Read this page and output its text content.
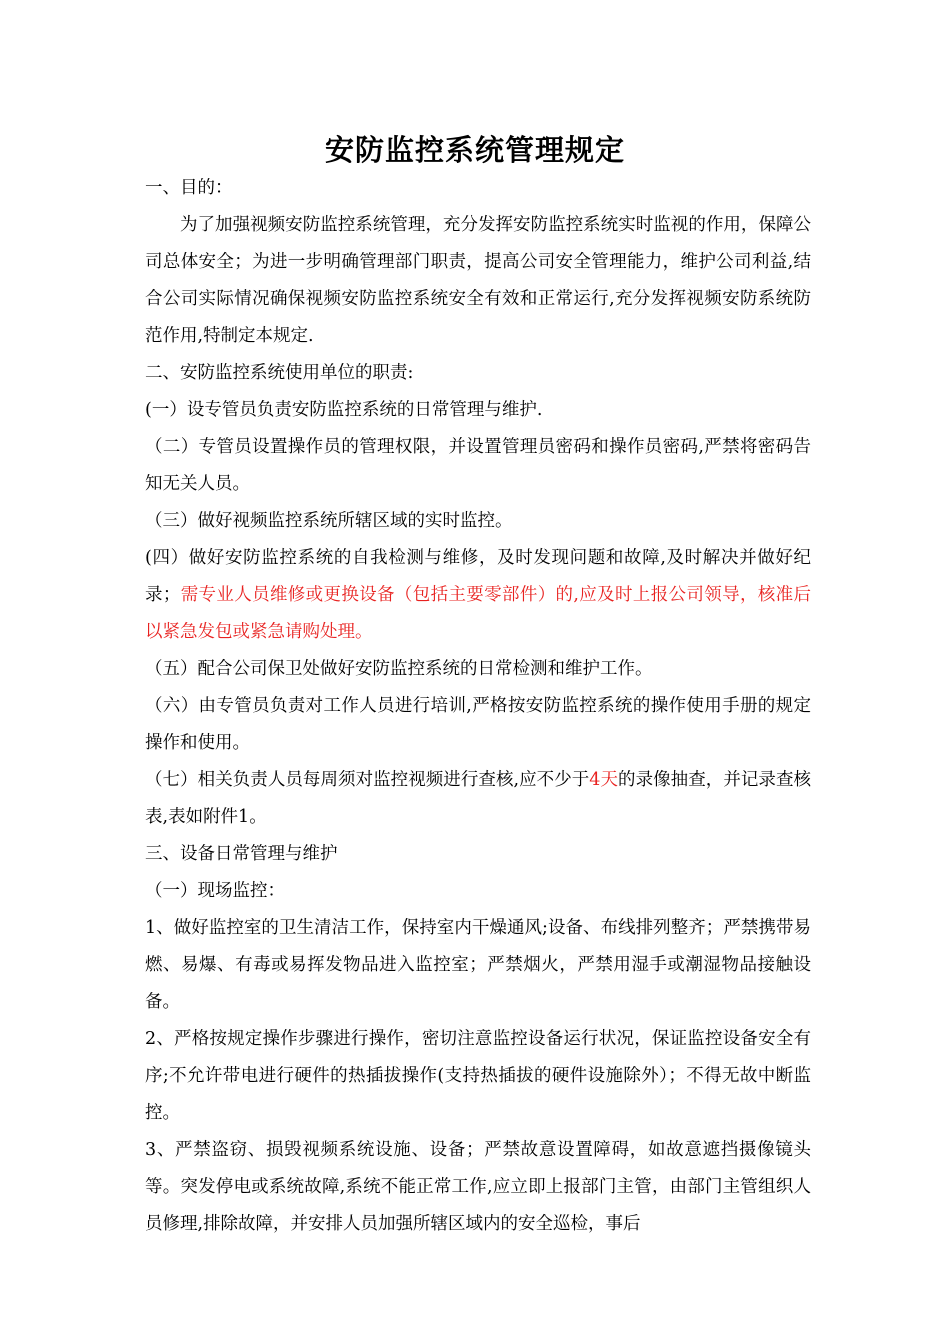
安防监控系统管理规定

一、目的：

为了加强视频安防监控系统管理，充分发挥安防监控系统实时监视的作用，保障公司总体安全；为进一步明确管理部门职责，提高公司安全管理能力，维护公司利益,结合公司实际情况确保视频安防监控系统安全有效和正常运行,充分发挥视频安防系统防范作用,特制定本规定.

二、安防监控系统使用单位的职责:

(一）设专管员负责安防监控系统的日常管理与维护.

（二）专管员设置操作员的管理权限，并设置管理员密码和操作员密码,严禁将密码告知无关人员。

（三）做好视频监控系统所辖区域的实时监控。

(四）做好安防监控系统的自我检测与维修，及时发现问题和故障,及时解决并做好纪录；需专业人员维修或更换设备（包括主要零部件）的,应及时上报公司领导，核准后以紧急发包或紧急请购处理。

（五）配合公司保卫处做好安防监控系统的日常检测和维护工作。

（六）由专管员负责对工作人员进行培训,严格按安防监控系统的操作使用手册的规定操作和使用。

（七）相关负责人员每周须对监控视频进行查核,应不少于4天的录像抽查，并记录查核表,表如附件1。

三、设备日常管理与维护

（一）现场监控：

1、做好监控室的卫生清洁工作，保持室内干燥通风;设备、布线排列整齐；严禁携带易燃、易爆、有毒或易挥发物品进入监控室；严禁烟火，严禁用湿手或潮湿物品接触设备。

2、严格按规定操作步骤进行操作，密切注意监控设备运行状况，保证监控设备安全有序;不允许带电进行硬件的热插拔操作(支持热插拔的硬件设施除外）；不得无故中断监控。

3、严禁盗窃、损毁视频系统设施、设备；严禁故意设置障碍，如故意遮挡摄像镜头等。突发停电或系统故障,系统不能正常工作,应立即上报部门主管，由部门主管组织人员修理,排除故障，并安排人员加强所辖区域内的安全巡检，事后
